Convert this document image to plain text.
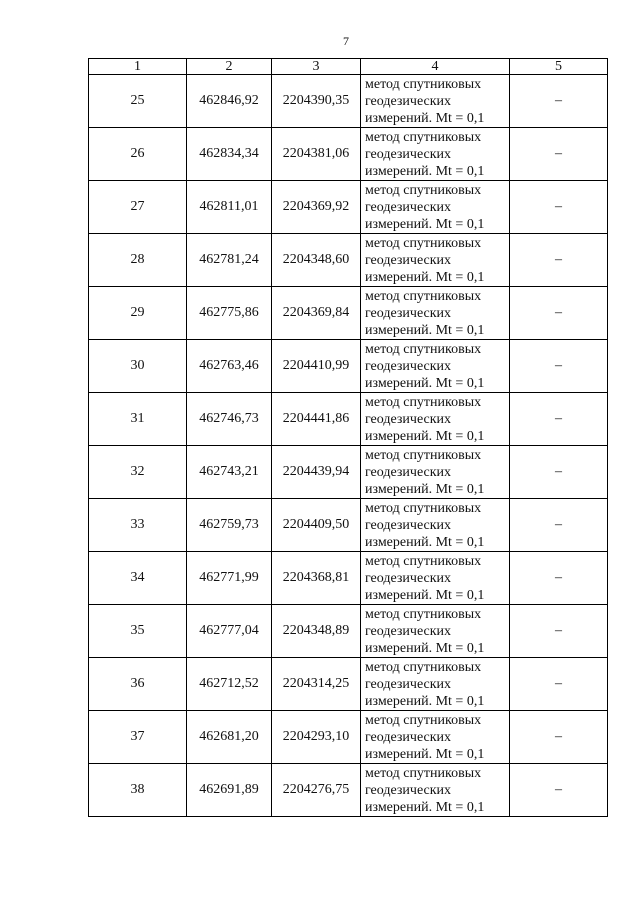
7
1	2	3	4	5
25	462846,92	2204390,35	метод спутниковых
геодезических
измерений. Mt = 0,1	–
26	462834,34	2204381,06	метод спутниковых
геодезических
измерений. Mt = 0,1	–
27	462811,01	2204369,92	метод спутниковых
геодезических
измерений. Mt = 0,1	–
28	462781,24	2204348,60	метод спутниковых
геодезических
измерений. Mt = 0,1	–
29	462775,86	2204369,84	метод спутниковых
геодезических
измерений. Mt = 0,1	–
30	462763,46	2204410,99	метод спутниковых
геодезических
измерений. Mt = 0,1	–
31	462746,73	2204441,86	метод спутниковых
геодезических
измерений. Mt = 0,1	–
32	462743,21	2204439,94	метод спутниковых
геодезических
измерений. Mt = 0,1	–
33	462759,73	2204409,50	метод спутниковых
геодезических
измерений. Mt = 0,1	–
34	462771,99	2204368,81	метод спутниковых
геодезических
измерений. Mt = 0,1	–
35	462777,04	2204348,89	метод спутниковых
геодезических
измерений. Mt = 0,1	–
36	462712,52	2204314,25	метод спутниковых
геодезических
измерений. Mt = 0,1	–
37	462681,20	2204293,10	метод спутниковых
геодезических
измерений. Mt = 0,1	–
38	462691,89	2204276,75	метод спутниковых
геодезических
измерений. Mt = 0,1	–
